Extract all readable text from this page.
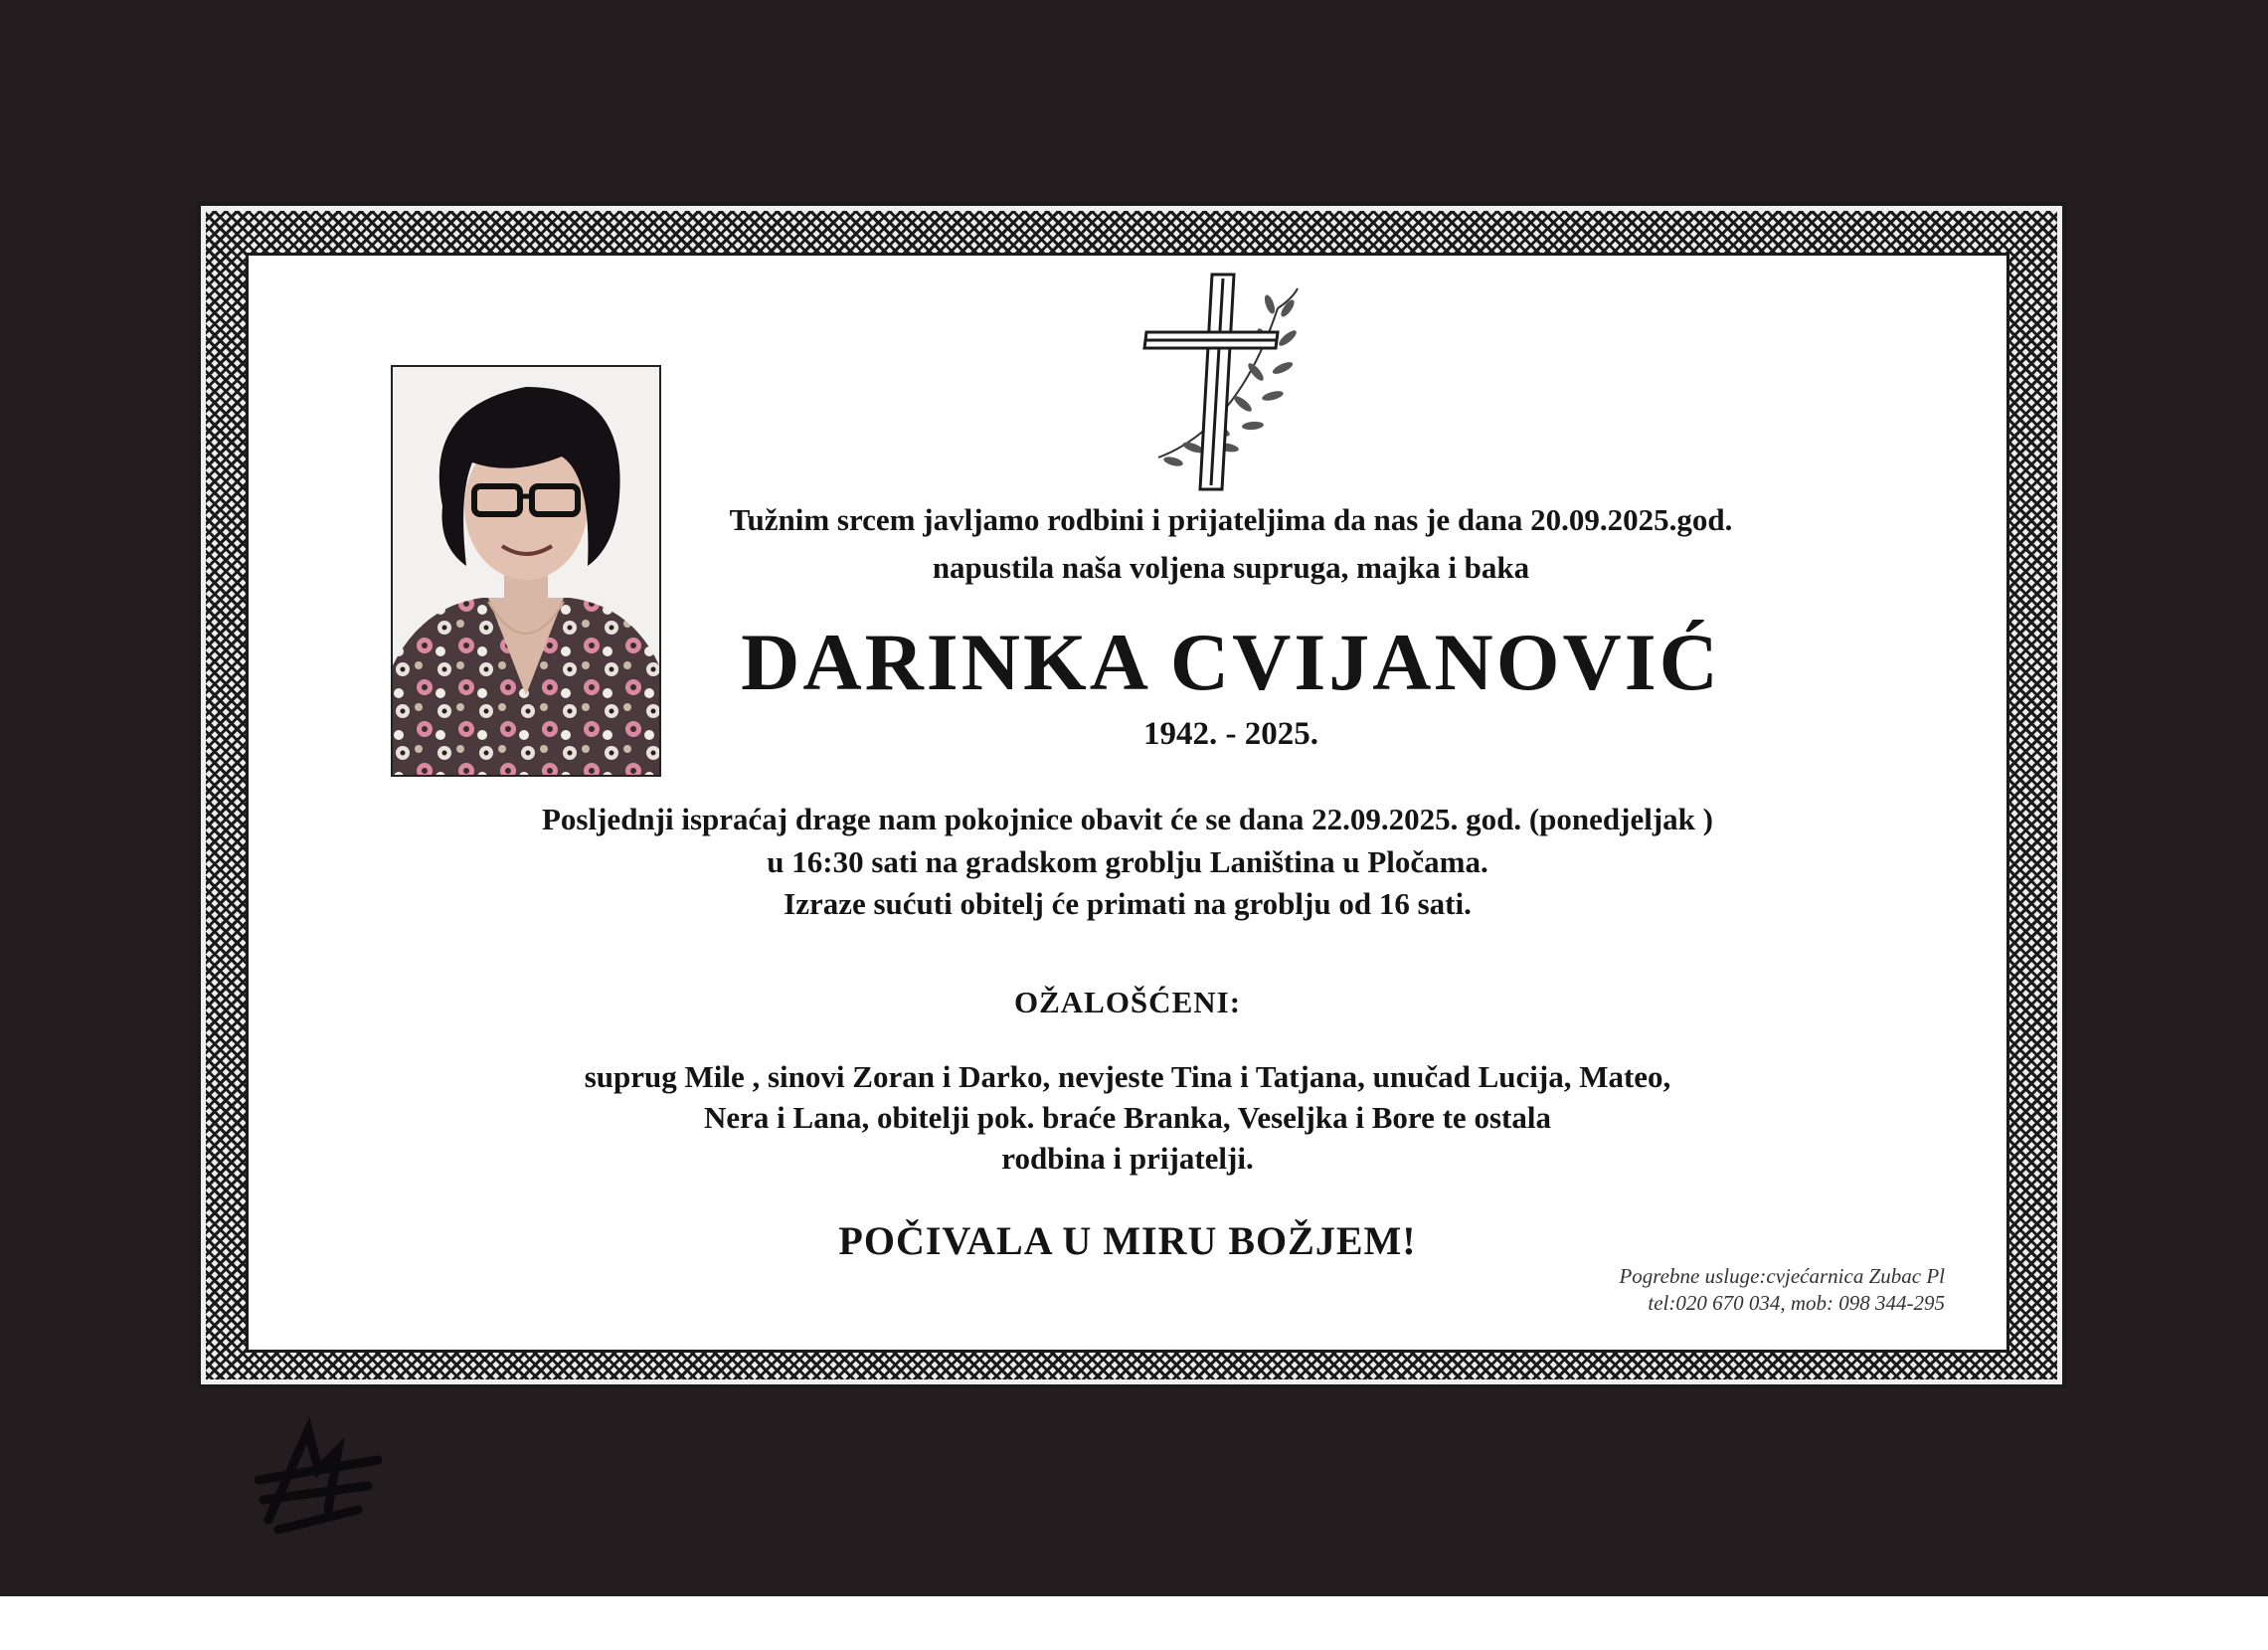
Tužnim srcem javljamo rodbini i prijateljima da nas je dana 20.09.2025.god.
napustila naša voljena supruga, majka i baka
DARINKA CVIJANOVIĆ
1942. - 2025.
Posljednji ispraćaj drage nam pokojnice obavit će se dana 22.09.2025. god. (ponedjeljak )
u 16:30 sati na gradskom groblju Laniština u Pločama.
Izraze sućuti obitelj će primati na groblju od 16 sati.
OŽALOŠĆENI:
suprug Mile , sinovi Zoran i Darko, nevjeste Tina i Tatjana, unučad Lucija, Mateo,
Nera i Lana, obitelji pok. braće Branka, Veseljka i Bore te ostala
rodbina i prijatelji.
POČIVALA U MIRU BOŽJEM!
Pogrebne usluge:cvjećarnica Zubac Pl
tel:020 670 034, mob: 098 344-295
